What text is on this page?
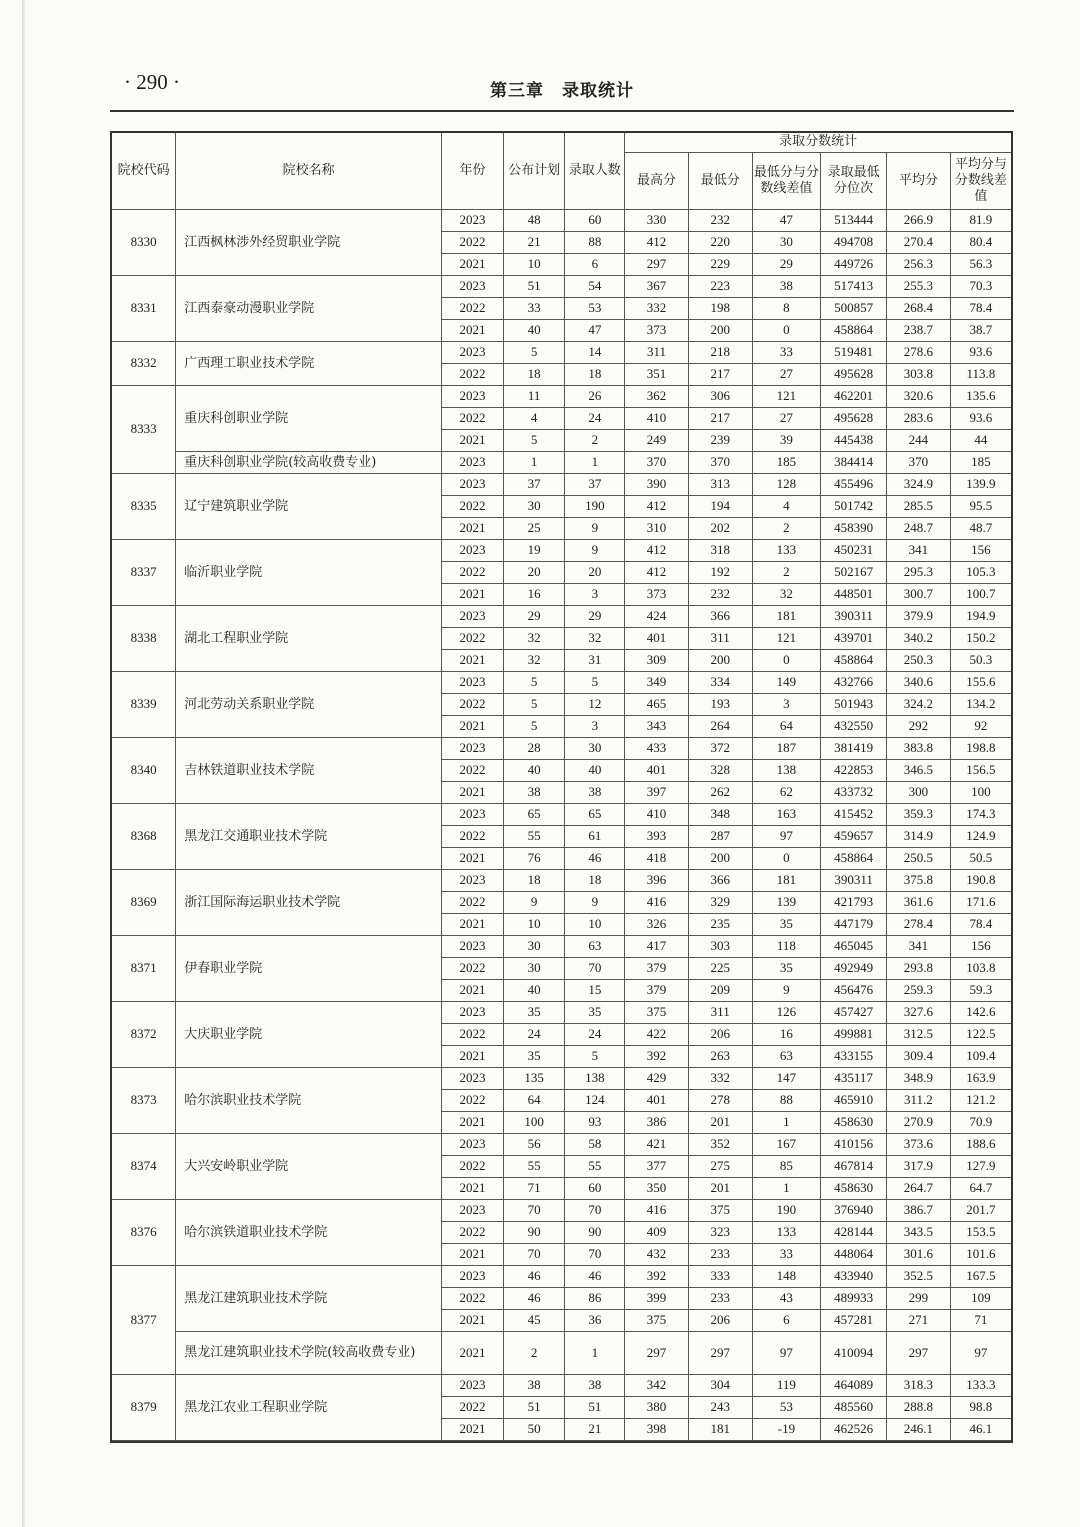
· 290 ·	第三章　录取统计
院校代码	院校名称	年份	公布计划	录取人数	录取分数统计					
					最高分	最低分	最低分与分数线差值	录取最低分位次	平均分	平均分与分数线差值
8330	江西枫林涉外经贸职业学院	2023	48	60	330	232	47	513444	266.9	81.9
		2022	21	88	412	220	30	494708	270.4	80.4
		2021	10	6	297	229	29	449726	256.3	56.3
8331	江西泰豪动漫职业学院	2023	51	54	367	223	38	517413	255.3	70.3
		2022	33	53	332	198	8	500857	268.4	78.4
		2021	40	47	373	200	0	458864	238.7	38.7
8332	广西理工职业技术学院	2023	5	14	311	218	33	519481	278.6	93.6
		2022	18	18	351	217	27	495628	303.8	113.8
8333	重庆科创职业学院	2023	11	26	362	306	121	462201	320.6	135.6
		2022	4	24	410	217	27	495628	283.6	93.6
		2021	5	2	249	239	39	445438	244	44
	重庆科创职业学院(较高收费专业)	2023	1	1	370	370	185	384414	370	185
8335	辽宁建筑职业学院	2023	37	37	390	313	128	455496	324.9	139.9
		2022	30	190	412	194	4	501742	285.5	95.5
		2021	25	9	310	202	2	458390	248.7	48.7
8337	临沂职业学院	2023	19	9	412	318	133	450231	341	156
		2022	20	20	412	192	2	502167	295.3	105.3
		2021	16	3	373	232	32	448501	300.7	100.7
8338	湖北工程职业学院	2023	29	29	424	366	181	390311	379.9	194.9
		2022	32	32	401	311	121	439701	340.2	150.2
		2021	32	31	309	200	0	458864	250.3	50.3
8339	河北劳动关系职业学院	2023	5	5	349	334	149	432766	340.6	155.6
		2022	5	12	465	193	3	501943	324.2	134.2
		2021	5	3	343	264	64	432550	292	92
8340	吉林铁道职业技术学院	2023	28	30	433	372	187	381419	383.8	198.8
		2022	40	40	401	328	138	422853	346.5	156.5
		2021	38	38	397	262	62	433732	300	100
8368	黑龙江交通职业技术学院	2023	65	65	410	348	163	415452	359.3	174.3
		2022	55	61	393	287	97	459657	314.9	124.9
		2021	76	46	418	200	0	458864	250.5	50.5
8369	浙江国际海运职业技术学院	2023	18	18	396	366	181	390311	375.8	190.8
		2022	9	9	416	329	139	421793	361.6	171.6
		2021	10	10	326	235	35	447179	278.4	78.4
8371	伊春职业学院	2023	30	63	417	303	118	465045	341	156
		2022	30	70	379	225	35	492949	293.8	103.8
		2021	40	15	379	209	9	456476	259.3	59.3
8372	大庆职业学院	2023	35	35	375	311	126	457427	327.6	142.6
		2022	24	24	422	206	16	499881	312.5	122.5
		2021	35	5	392	263	63	433155	309.4	109.4
8373	哈尔滨职业技术学院	2023	135	138	429	332	147	435117	348.9	163.9
		2022	64	124	401	278	88	465910	311.2	121.2
		2021	100	93	386	201	1	458630	270.9	70.9
8374	大兴安岭职业学院	2023	56	58	421	352	167	410156	373.6	188.6
		2022	55	55	377	275	85	467814	317.9	127.9
		2021	71	60	350	201	1	458630	264.7	64.7
8376	哈尔滨铁道职业技术学院	2023	70	70	416	375	190	376940	386.7	201.7
		2022	90	90	409	323	133	428144	343.5	153.5
		2021	70	70	432	233	33	448064	301.6	101.6
8377	黑龙江建筑职业技术学院	2023	46	46	392	333	148	433940	352.5	167.5
		2022	46	86	399	233	43	489933	299	109
		2021	45	36	375	206	6	457281	271	71
	黑龙江建筑职业技术学院(较高收费专业)	2021	2	1	297	297	97	410094	297	97
8379	黑龙江农业工程职业学院	2023	38	38	342	304	119	464089	318.3	133.3
		2022	51	51	380	243	53	485560	288.8	98.8
		2021	50	21	398	181	-19	462526	246.1	46.1
